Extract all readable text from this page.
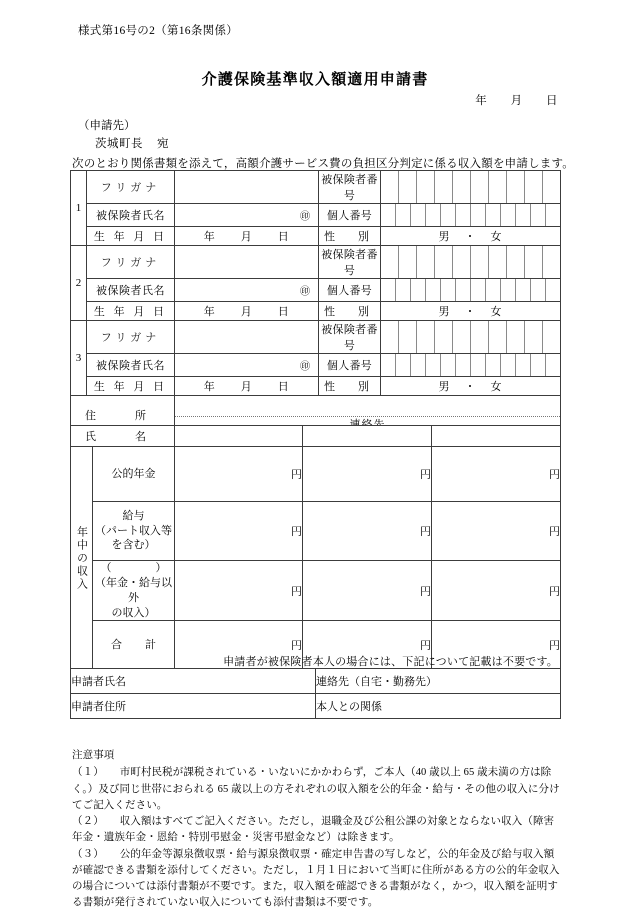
様式第16号の2（第16条関係）
介護保険基準収入額適用申請書
年 月 日
（申請先）
茨城町長 宛
次のとおり関係書類を添えて，高額介護サービス費の負担区分判定に係る収入額を申請します。
1	フリガナ		被保険者番号	

	被保険者氏名	㊞	個人番号	

	生 年 月 日	年 月 日	性　別	男 ・ 女
2	フリガナ		被保険者番号	

	被保険者氏名	㊞	個人番号	

	生 年 月 日	年 月 日	性　別	男 ・ 女
3	フリガナ		被保険者番号	

	被保険者氏名	㊞	個人番号	

	生 年 月 日	年 月 日	性　別	男 ・ 女
住　所	
氏　名				

年中の収入	公的年金	円	円	円

	給与
（パート収入等
を含む）	円	円	円

	（　　　　）
（年金・給与以外
の収入）	円	円	円

	合　計	円	円	円
申請者が被保険者本人の場合には、下記について記載は不要です。
申請者氏名	連絡先（自宅・勤務先）
申請者住所	本人との関係
注意事項
（１）　　市町村民税が課税されている・いないにかかわらず，ご本人（40 歳以上 65 歳未満の方は除く。）及び同じ世帯におられる 65 歳以上の方それぞれの収入額を公的年金・給与・その他の収入に分けてご記入ください。
（２）　　収入額はすべてご記入ください。ただし，退職金及び公租公課の対象とならない収入（障害年金・遺族年金・恩給・特別弔慰金・災害弔慰金など）は除きます。
（３）　　公的年金等源泉徴収票・給与源泉徴収票・確定申告書の写しなど，公的年金及び給与収入額が確認できる書類を添付してください。ただし，１月１日において当町に住所がある方の公的年金収入の場合については添付書類が不要です。また，収入額を確認できる書類がなく，かつ，収入額を証明する書類が発行されていない収入についても添付書類は不要です。
